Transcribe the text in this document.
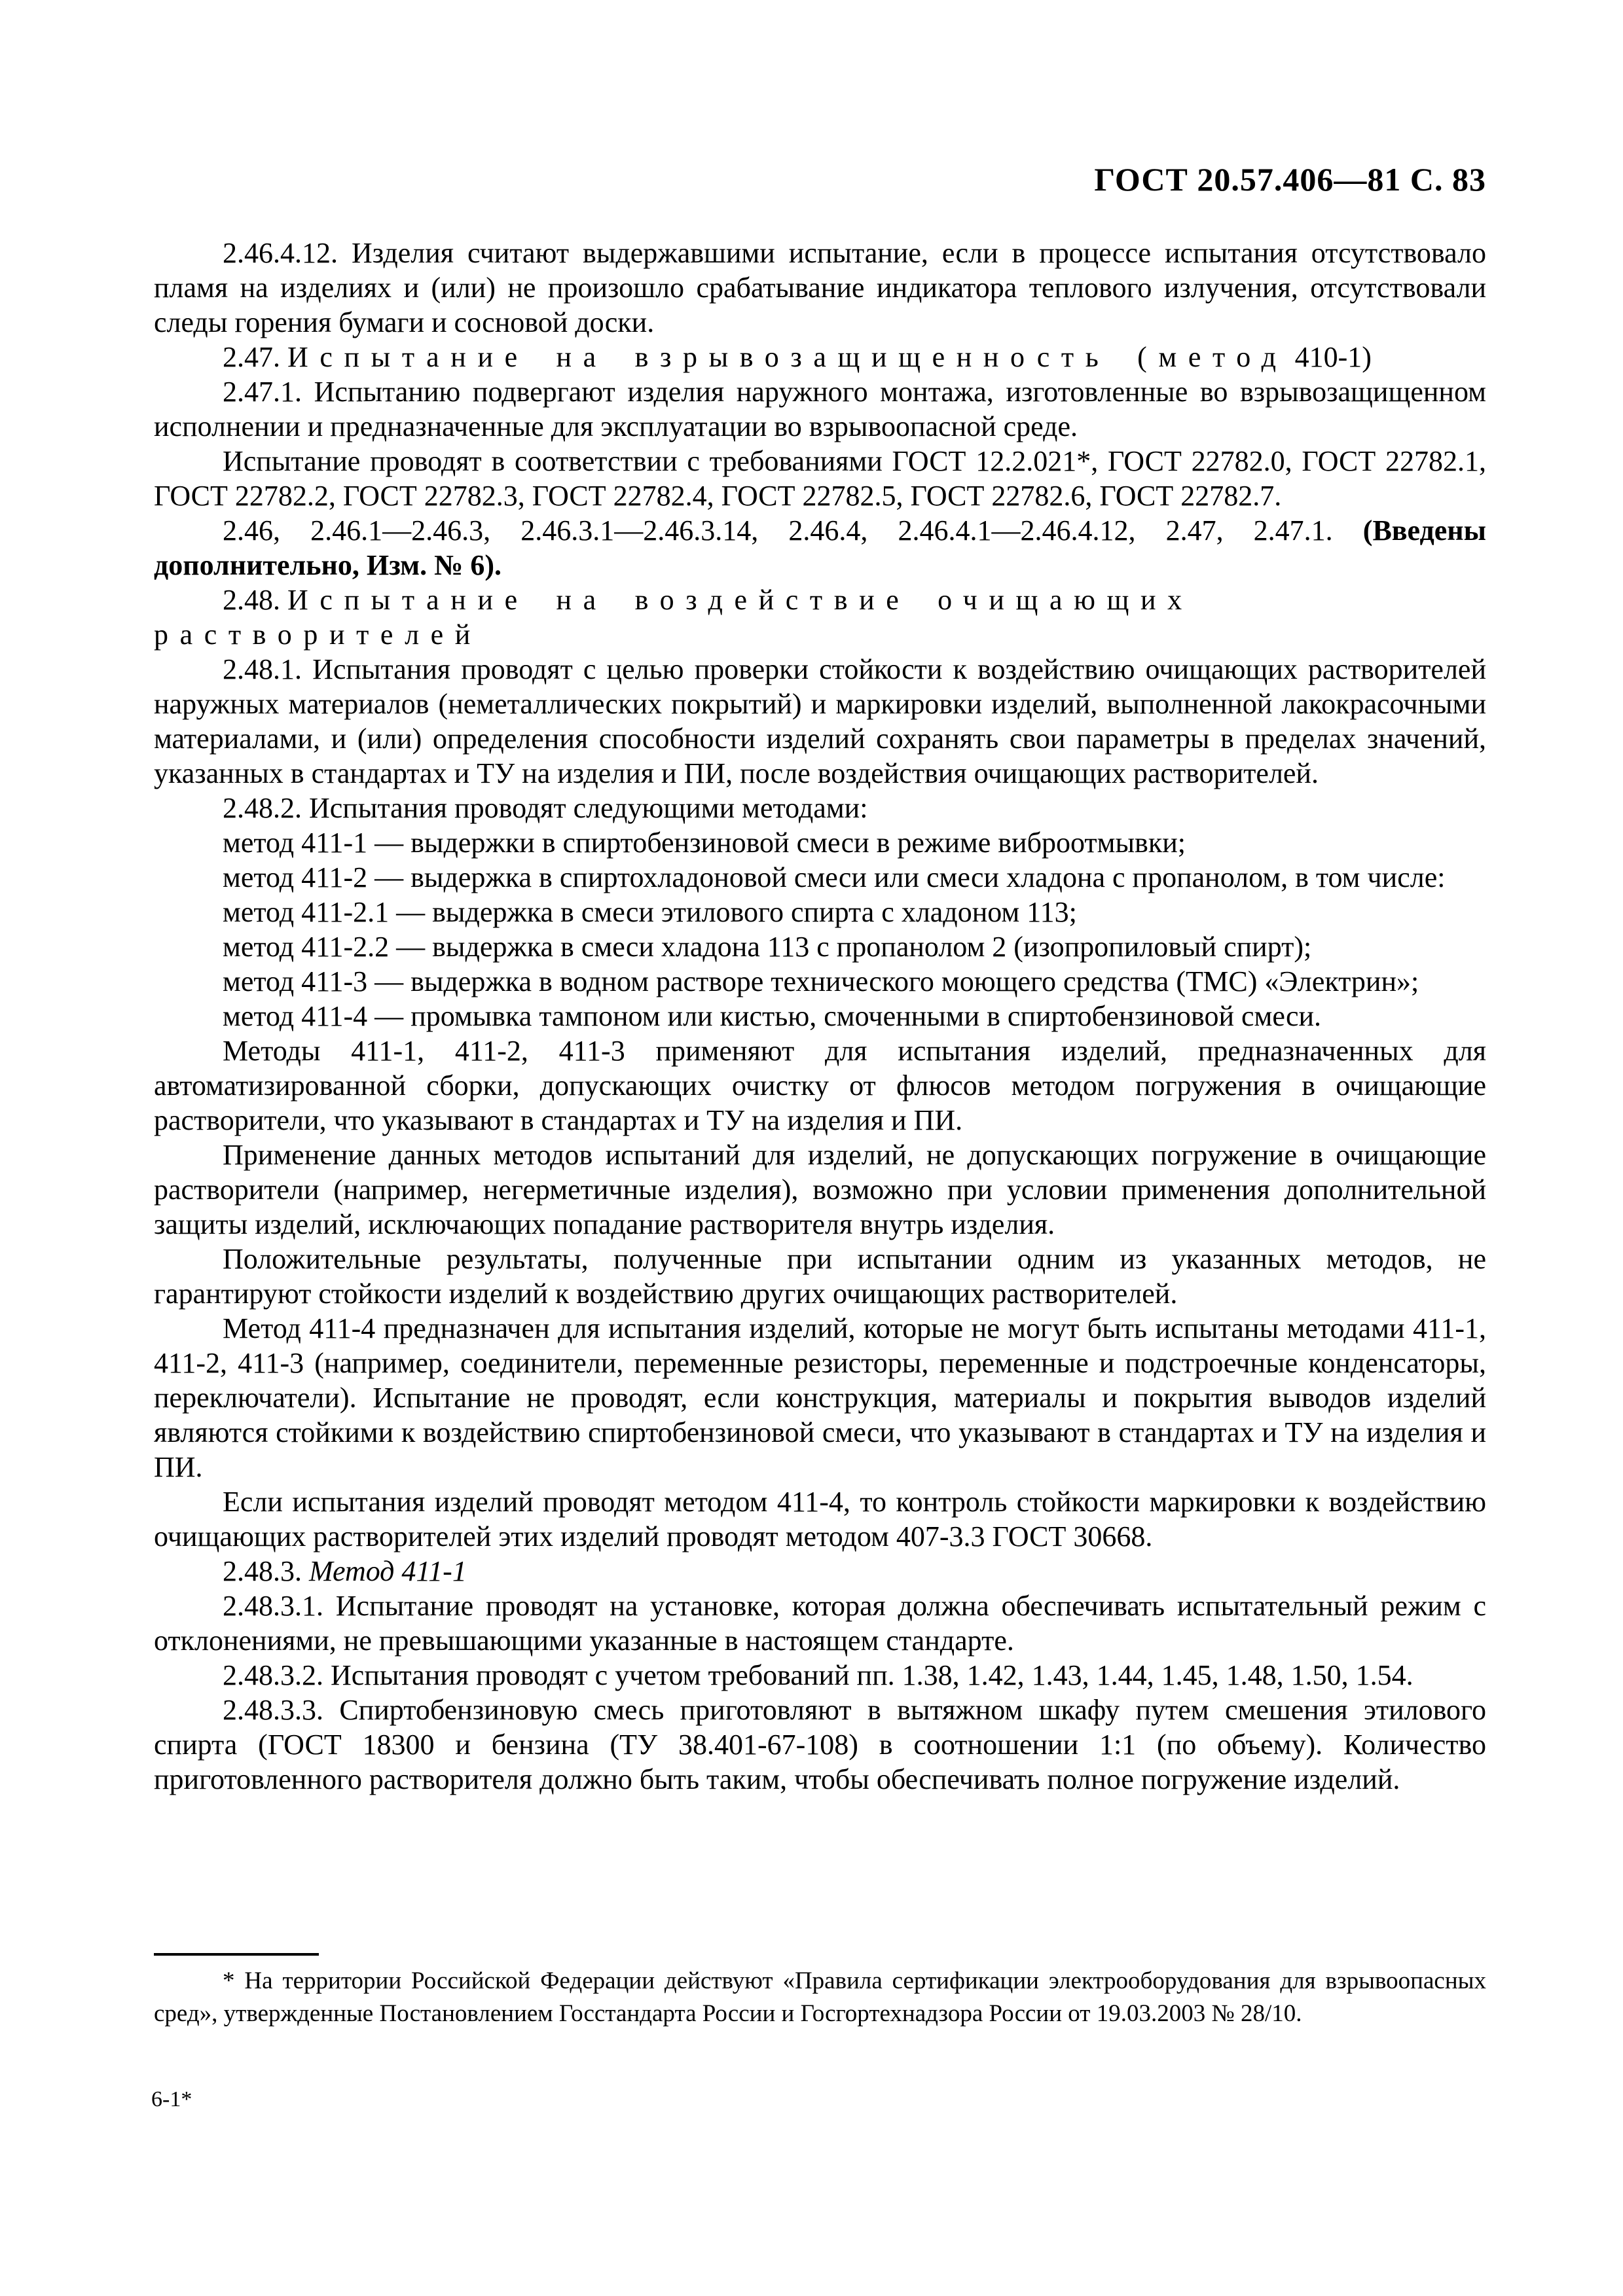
ГОСТ 20.57.406—81 С. 83

2.46.4.12. Изделия считают выдержавшими испытание, если в процессе испытания отсутствовало пламя на изделиях и (или) не произошло срабатывание индикатора теплового излучения, отсутствовали следы горения бумаги и сосновой доски.

2.47. Испытание на взрывозащищенность (метод 410-1)

2.47.1. Испытанию подвергают изделия наружного монтажа, изготовленные во взрывозащищенном исполнении и предназначенные для эксплуатации во взрывоопасной среде.

Испытание проводят в соответствии с требованиями ГОСТ 12.2.021*, ГОСТ 22782.0, ГОСТ 22782.1, ГОСТ 22782.2, ГОСТ 22782.3, ГОСТ 22782.4, ГОСТ 22782.5, ГОСТ 22782.6, ГОСТ 22782.7.

2.46, 2.46.1—2.46.3, 2.46.3.1—2.46.3.14, 2.46.4, 2.46.4.1—2.46.4.12, 2.47, 2.47.1. (Введены дополнительно, Изм. № 6).

2.48. Испытание на воздействие очищающих растворителей

2.48.1. Испытания проводят с целью проверки стойкости к воздействию очищающих растворителей наружных материалов (неметаллических покрытий) и маркировки изделий, выполненной лакокрасочными материалами, и (или) определения способности изделий сохранять свои параметры в пределах значений, указанных в стандартах и ТУ на изделия и ПИ, после воздействия очищающих растворителей.

2.48.2. Испытания проводят следующими методами:

метод 411-1 — выдержки в спиртобензиновой смеси в режиме виброотмывки;

метод 411-2 — выдержка в спиртохладоновой смеси или смеси хладона с пропанолом, в том числе:

метод 411-2.1 — выдержка в смеси этилового спирта с хладоном 113;

метод 411-2.2 — выдержка в смеси хладона 113 с пропанолом 2 (изопропиловый спирт);

метод 411-3 — выдержка в водном растворе технического моющего средства (ТМС) «Электрин»;

метод 411-4 — промывка тампоном или кистью, смоченными в спиртобензиновой смеси.

Методы 411-1, 411-2, 411-3 применяют для испытания изделий, предназначенных для автоматизированной сборки, допускающих очистку от флюсов методом погружения в очищающие растворители, что указывают в стандартах и ТУ на изделия и ПИ.

Применение данных методов испытаний для изделий, не допускающих погружение в очищающие растворители (например, негерметичные изделия), возможно при условии применения дополнительной защиты изделий, исключающих попадание растворителя внутрь изделия.

Положительные результаты, полученные при испытании одним из указанных методов, не гарантируют стойкости изделий к воздействию других очищающих растворителей.

Метод 411-4 предназначен для испытания изделий, которые не могут быть испытаны методами 411-1, 411-2, 411-3 (например, соединители, переменные резисторы, переменные и подстроечные конденсаторы, переключатели). Испытание не проводят, если конструкция, материалы и покрытия выводов изделий являются стойкими к воздействию спиртобензиновой смеси, что указывают в стандартах и ТУ на изделия и ПИ.

Если испытания изделий проводят методом 411-4, то контроль стойкости маркировки к воздействию очищающих растворителей этих изделий проводят методом 407-3.3 ГОСТ 30668.

2.48.3. Метод 411-1

2.48.3.1. Испытание проводят на установке, которая должна обеспечивать испытательный режим с отклонениями, не превышающими указанные в настоящем стандарте.

2.48.3.2. Испытания проводят с учетом требований пп. 1.38, 1.42, 1.43, 1.44, 1.45, 1.48, 1.50, 1.54.

2.48.3.3. Спиртобензиновую смесь приготовляют в вытяжном шкафу путем смешения этилового спирта (ГОСТ 18300 и бензина (ТУ 38.401-67-108) в соотношении 1:1 (по объему). Количество приготовленного растворителя должно быть таким, чтобы обеспечивать полное погружение изделий.

* На территории Российской Федерации действуют «Правила сертификации электрооборудования для взрывоопасных сред», утвержденные Постановлением Госстандарта России и Госгортехнадзора России от 19.03.2003 № 28/10.

6-1*
